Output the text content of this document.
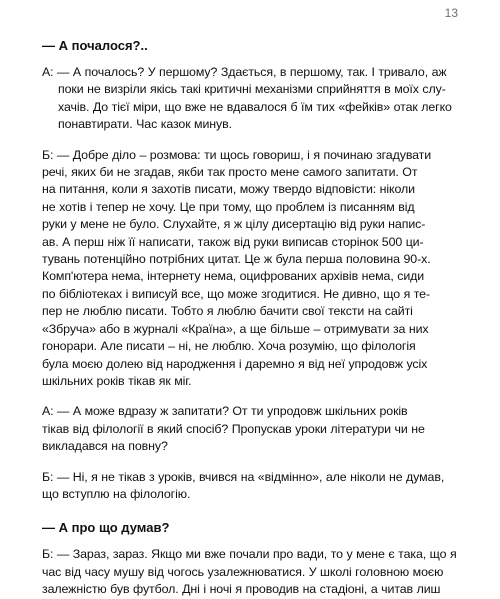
13
— А почалося?..
А: — А почалось? У першому? Здається, в першому, так. І тривало, аж
поки не визріли якісь такі критичні механізми сприйняття в моїх слу-
хачів. До тієї міри, що вже не вдавалося б їм тих «фейків» отак легко
понавтирати. Час казок минув.
Б: — Добре діло – розмова: ти щось говориш, і я починаю згадувати
речі, яких би не згадав, якби так просто мене самого запитати. От
на питання, коли я захотів писати, можу твердо відповісти: ніколи
не хотів і тепер не хочу. Це при тому, що проблем із писанням від
руки у мене не було. Слухайте, я ж цілу дисертацію від руки напис-
ав. А перш ніж її написати, також від руки виписав сторінок 500 ци-
тувань потенційно потрібних цитат. Це ж була перша половина 90-х.
Комп'ютера нема, інтернету нема, оцифрованих архівів нема, сиди
по бібліотеках і виписуй все, що може згодитися. Не дивно, що я те-
пер не люблю писати. Тобто я люблю бачити свої тексти на сайті
«Збруча» або в журналі «Країна», а ще більше – отримувати за них
гонорари. Але писати – ні, не люблю. Хоча розумію, що філологія
була моєю долею від народження і даремно я від неї упродовж усіх
шкільних років тікав як міг.
А: — А може вдразу ж запитати? От ти упродовж шкільних років
тікав від філології в який спосіб? Пропускав уроки літератури чи не
викладався на повну?
Б: — Ні, я не тікав з уроків, вчився на «відмінно», але ніколи не думав,
що вступлю на філологію.
— А про що думав?
Б: — Зараз, зараз. Якщо ми вже почали про вади, то у мене є така, що я
час від часу мушу від чогось узалежнюватися. У школі головною моєю
залежністю був футбол. Дні і ночі я проводив на стадіоні, а читав лиш
